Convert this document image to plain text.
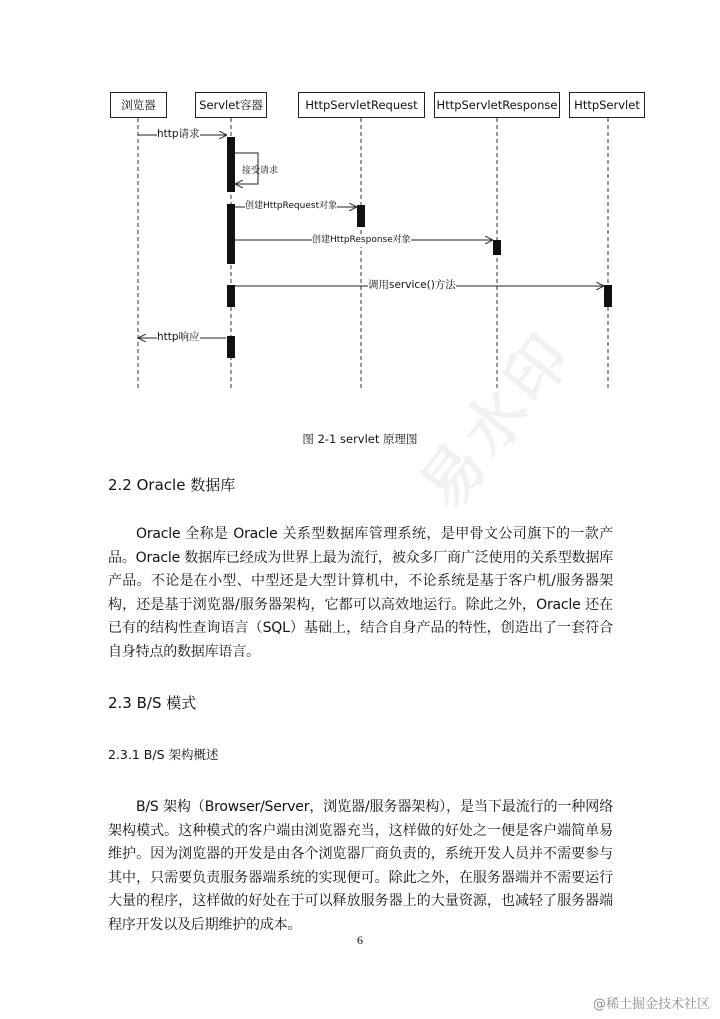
浏览器	Servlet容器	HttpServletRequest	HttpServletResponse	HttpServlet
http请求
接受请求
创建HttpRequest对象
创建HttpResponse对象
调用service()方法
http响应
图 2-1 servlet 原理图
易水印
2.2 Oracle 数据库

Oracle 全称是 Oracle 关系型数据库管理系统，是甲骨文公司旗下的一款产品。Oracle 数据库已经成为世界上最为流行，被众多厂商广泛使用的关系型数据库产品。不论是在小型、中型还是大型计算机中，不论系统是基于客户机/服务器架构，还是基于浏览器/服务器架构，它都可以高效地运行。除此之外，Oracle 还在已有的结构性查询语言（SQL）基础上，结合自身产品的特性，创造出了一套符合自身特点的数据库语言。

2.3 B/S 模式
2.3.1 B/S 架构概述

B/S 架构（Browser/Server，浏览器/服务器架构），是当下最流行的一种网络架构模式。这种模式的客户端由浏览器充当，这样做的好处之一便是客户端简单易维护。因为浏览器的开发是由各个浏览器厂商负责的，系统开发人员并不需要参与其中，只需要负责服务器端系统的实现便可。除此之外，在服务器端并不需要运行大量的程序，这样做的好处在于可以释放服务器上的大量资源，也减轻了服务器端程序开发以及后期维护的成本。

6
@稀土掘金技术社区
